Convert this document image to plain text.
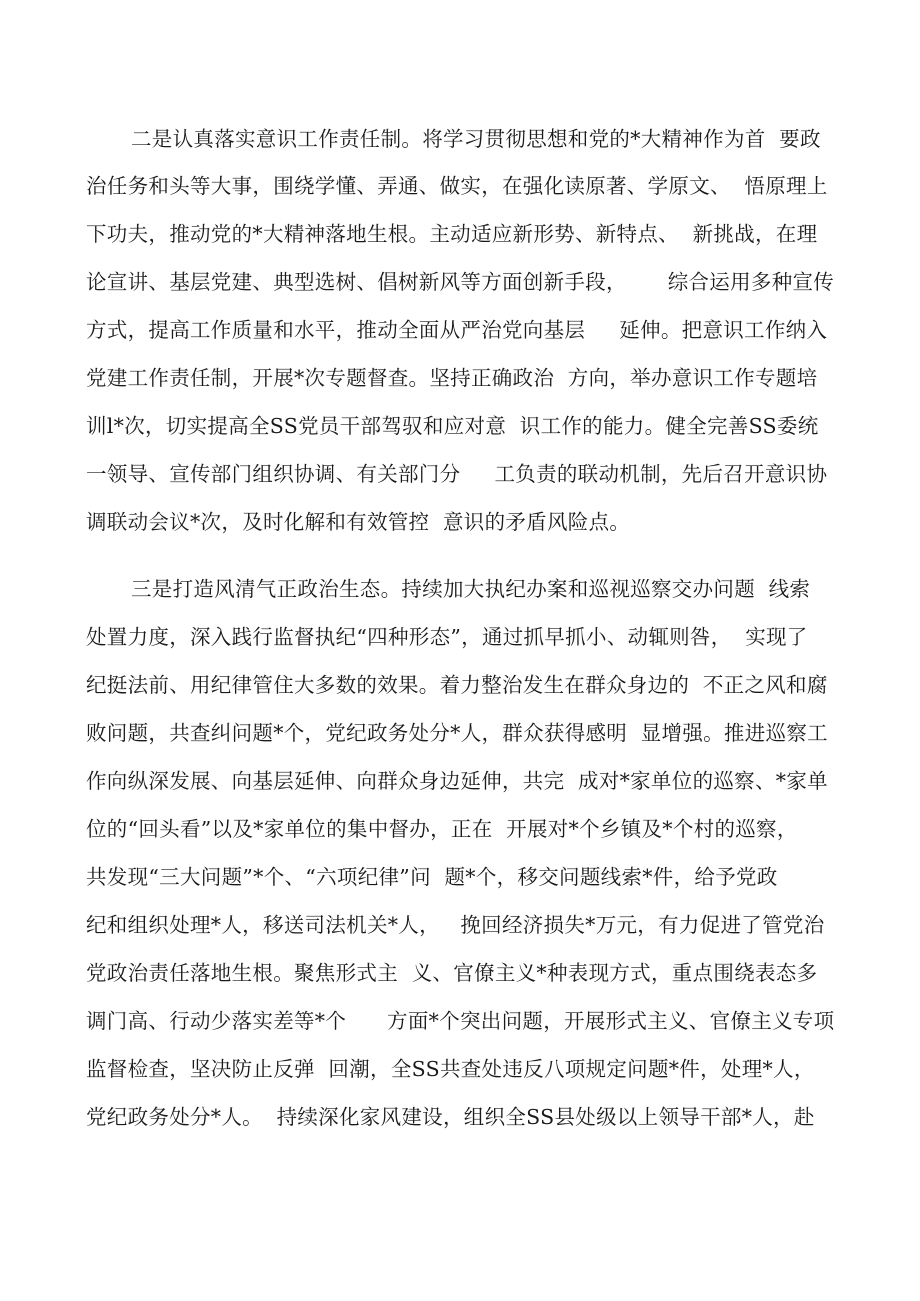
二是认真落实意识工作责任制。将学习贯彻思想和党的*大精神作为首  要政
治任务和头等大事，围绕学懂、弄通、做实，在强化读原著、学原文、  悟原理上
下功夫，推动党的*大精神落地生根。主动适应新形势、新特点、  新挑战，在理
论宣讲、基层党建、典型选树、倡树新风等方面创新手段，      综合运用多种宣传
方式，提高工作质量和水平，推动全面从严治党向基层     延伸。把意识工作纳入
党建工作责任制，开展*次专题督查。坚持正确政治  方向，举办意识工作专题培
训l*次，切实提高全SS党员干部驾驭和应对意  识工作的能力。健全完善SS委统
一领导、宣传部门组织协调、有关部门分     工负责的联动机制，先后召开意识协
调联动会议*次，及时化解和有效管控  意识的矛盾风险点。
三是打造风清气正政治生态。持续加大执纪办案和巡视巡察交办问题  线索
处置力度，深入践行监督执纪“四种形态”，通过抓早抓小、动辄则咎，  实现了
纪挺法前、用纪律管住大多数的效果。着力整治发生在群众身边的  不正之风和腐
败问题，共查纠问题*个，党纪政务处分*人，群众获得感明  显增强。推进巡察工
作向纵深发展、向基层延伸、向群众身边延伸，共完  成对*家单位的巡察、*家单
位的“回头看”以及*家单位的集中督办，正在  开展对*个乡镇及*个村的巡察，
共发现“三大问题”*个、“六项纪律”问  题*个，移交问题线索*件，给予党政
纪和组织处理*人，移送司法机关*人，   挽回经济损失*万元，有力促进了管党治
党政治责任落地生根。聚焦形式主  义、官僚主义*种表现方式，重点围绕表态多
调门高、行动少落实差等*个      方面*个突出问题，开展形式主义、官僚主义专项
监督检查，坚决防止反弹  回潮，全SS共查处违反八项规定问题*件，处理*人，
党纪政务处分*人。  持续深化家风建设，组织全SS县处级以上领导干部*人，赴
